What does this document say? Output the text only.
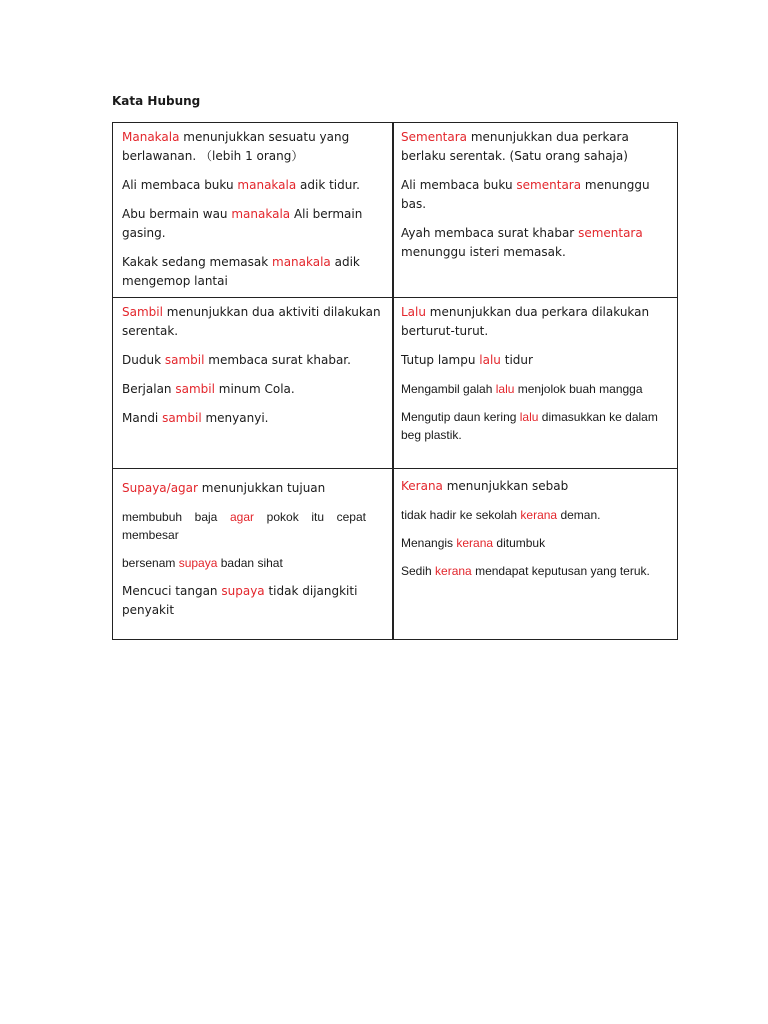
Kata Hubung

Manakala menunjukkan sesuatu yang berlawanan. （lebih 1 orang）

Ali membaca buku manakala adik tidur.

Abu bermain wau manakala Ali bermain gasing.

Kakak sedang memasak manakala adik mengemop lantai

Sementara menunjukkan dua perkara berlaku serentak. (Satu orang sahaja)

Ali membaca buku sementara menunggu bas.

Ayah membaca surat khabar sementara menunggu isteri memasak.

Sambil menunjukkan dua aktiviti dilakukan serentak.

Duduk sambil membaca surat khabar.

Berjalan sambil minum Cola.

Mandi sambil menyanyi.

Lalu menunjukkan dua perkara dilakukan berturut-turut.

Tutup lampu lalu tidur

Mengambil galah lalu menjolok buah mangga

Mengutip daun kering lalu dimasukkan ke dalam beg plastik.

Supaya/agar menunjukkan tujuan

membubuh baja agar pokok itu cepat membesar

bersenam supaya badan sihat

Mencuci tangan supaya tidak dijangkiti penyakit

Kerana menunjukkan sebab

tidak hadir ke sekolah kerana deman.

Menangis kerana ditumbuk

Sedih kerana mendapat keputusan yang teruk.
